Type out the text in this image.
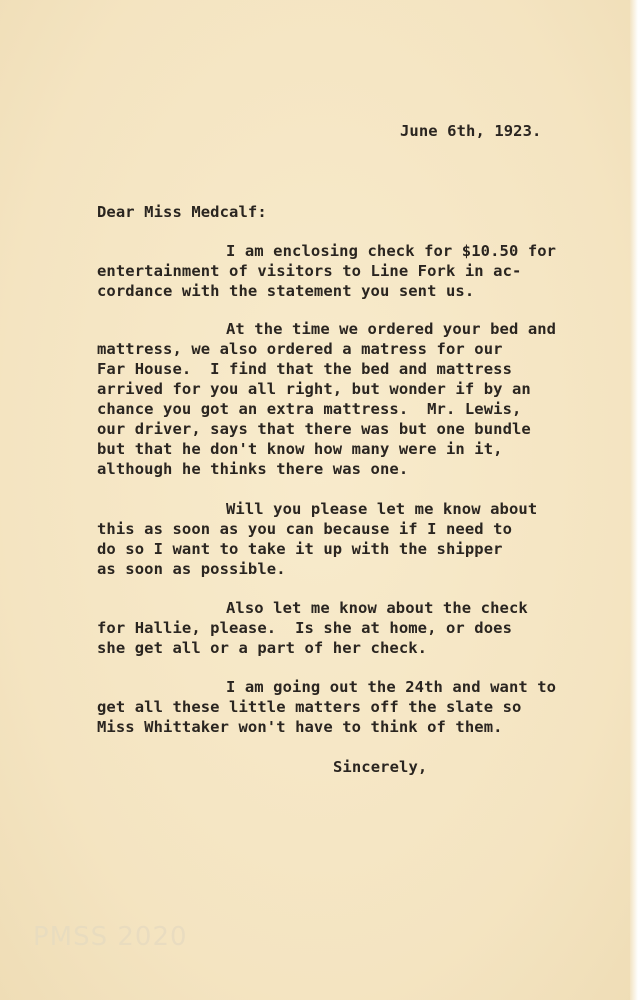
June 6th, 1923.
Dear Miss Medcalf:
I am enclosing check for $10.50 for
entertainment of visitors to Line Fork in ac-
cordance with the statement you sent us.
At the time we ordered your bed and
mattress, we also ordered a matress for our
Far House.  I find that the bed and mattress
arrived for you all right, but wonder if by an
chance you got an extra mattress.  Mr. Lewis,
our driver, says that there was but one bundle
but that he don't know how many were in it,
although he thinks there was one.
Will you please let me know about
this as soon as you can because if I need to
do so I want to take it up with the shipper
as soon as possible.
Also let me know about the check
for Hallie, please.  Is she at home, or does
she get all or a part of her check.
I am going out the 24th and want to
get all these little matters off the slate so
Miss Whittaker won't have to think of them.
Sincerely,
PMSS 2020
